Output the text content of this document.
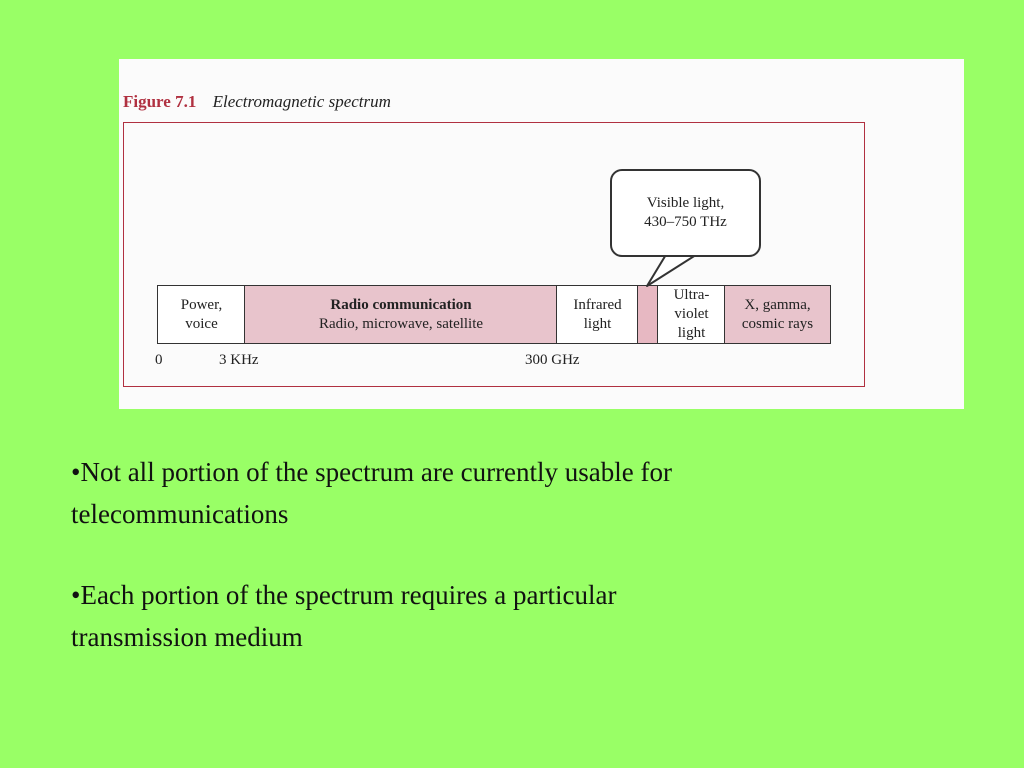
Figure 7.1 Electromagnetic spectrum
Power,
voice
Radio communication
Radio, microwave, satellite
Infrared
light
Ultra-
violet
light
X, gamma,
cosmic rays
0	3 KHz	300 GHz
Visible light,
430–750 THz
•Not all portion of the spectrum are currently usable for
telecommunications
•Each portion of the spectrum requires a particular
transmission medium
